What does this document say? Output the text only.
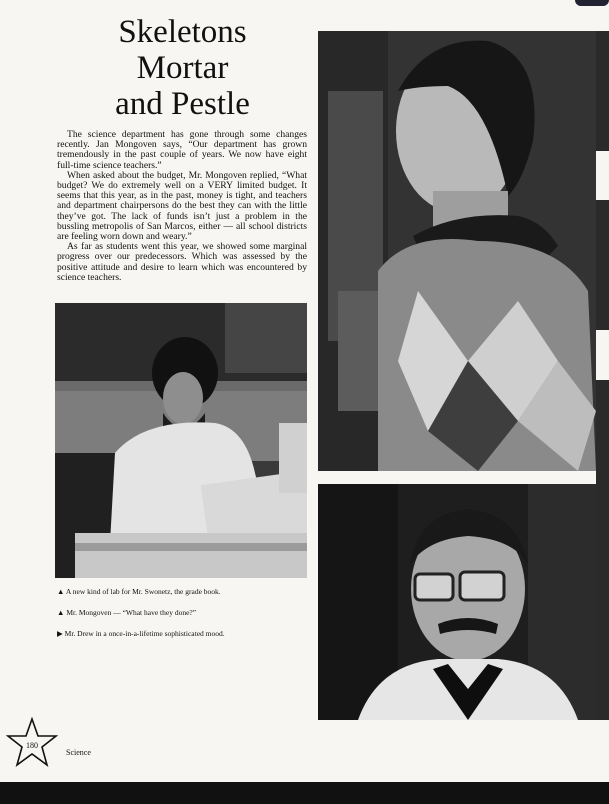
Skeletons
Mortar
and Pestle

The science department has gone through some changes recently. Jan Mongoven says, “Our department has grown tremendously in the past couple of years. We now have eight full-time science teachers.”

When asked about the budget, Mr. Mongoven replied, “What budget? We do extremely well on a VERY limited budget. It seems that this year, as in the past, money is tight, and teachers and department chairpersons do the best they can with the little they’ve got. The lack of funds isn’t just a problem in the bussling metropolis of San Marcos, either — all school districts are feeling worn down and weary.”

As far as students went this year, we showed some marginal progress over our predecessors. Which was assessed by the positive attitude and desire to learn which was encountered by science teachers.

▲ A new kind of lab for Mr. Swonetz, the grade book.

▲ Mr. Mongoven — “What have they done?”

▶ Mr. Drew in a once-in-a-lifetime sophisticated mood.

180
Science
